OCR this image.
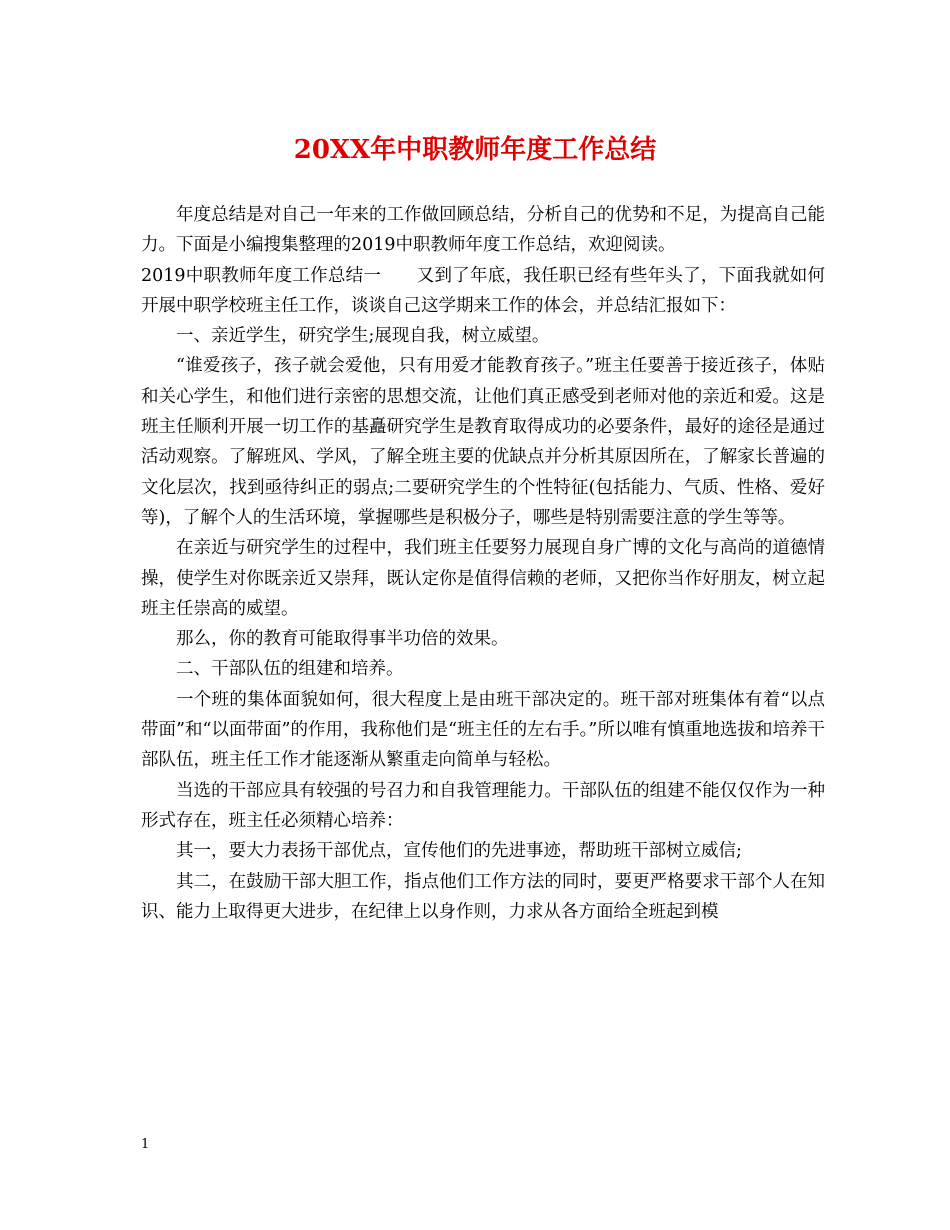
20XX年中职教师年度工作总结

年度总结是对自己一年来的工作做回顾总结，分析自己的优势和不足，为提高自己能力。下面是小编搜集整理的2019中职教师年度工作总结，欢迎阅读。

2019中职教师年度工作总结一　　又到了年底，我任职已经有些年头了，下面我就如何开展中职学校班主任工作，谈谈自己这学期来工作的体会，并总结汇报如下：

一、亲近学生，研究学生;展现自我，树立威望。

“谁爱孩子，孩子就会爱他，只有用爱才能教育孩子。”班主任要善于接近孩子，体贴和关心学生，和他们进行亲密的思想交流，让他们真正感受到老师对他的亲近和爱。这是班主任顺利开展一切工作的基矗研究学生是教育取得成功的必要条件，最好的途径是通过活动观察。了解班风、学风，了解全班主要的优缺点并分析其原因所在，了解家长普遍的文化层次，找到亟待纠正的弱点;二要研究学生的个性特征(包括能力、气质、性格、爱好等)，了解个人的生活环境，掌握哪些是积极分子，哪些是特别需要注意的学生等等。

在亲近与研究学生的过程中，我们班主任要努力展现自身广博的文化与高尚的道德情操，使学生对你既亲近又崇拜，既认定你是值得信赖的老师，又把你当作好朋友，树立起班主任崇高的威望。

那么，你的教育可能取得事半功倍的效果。

二、干部队伍的组建和培养。

一个班的集体面貌如何，很大程度上是由班干部决定的。班干部对班集体有着“以点带面”和“以面带面”的作用，我称他们是“班主任的左右手。”所以唯有慎重地选拔和培养干部队伍，班主任工作才能逐渐从繁重走向简单与轻松。

当选的干部应具有较强的号召力和自我管理能力。干部队伍的组建不能仅仅作为一种形式存在，班主任必须精心培养：

其一，要大力表扬干部优点，宣传他们的先进事迹，帮助班干部树立威信;

其二，在鼓励干部大胆工作，指点他们工作方法的同时，要更严格要求干部个人在知识、能力上取得更大进步，在纪律上以身作则，力求从各方面给全班起到模

1
